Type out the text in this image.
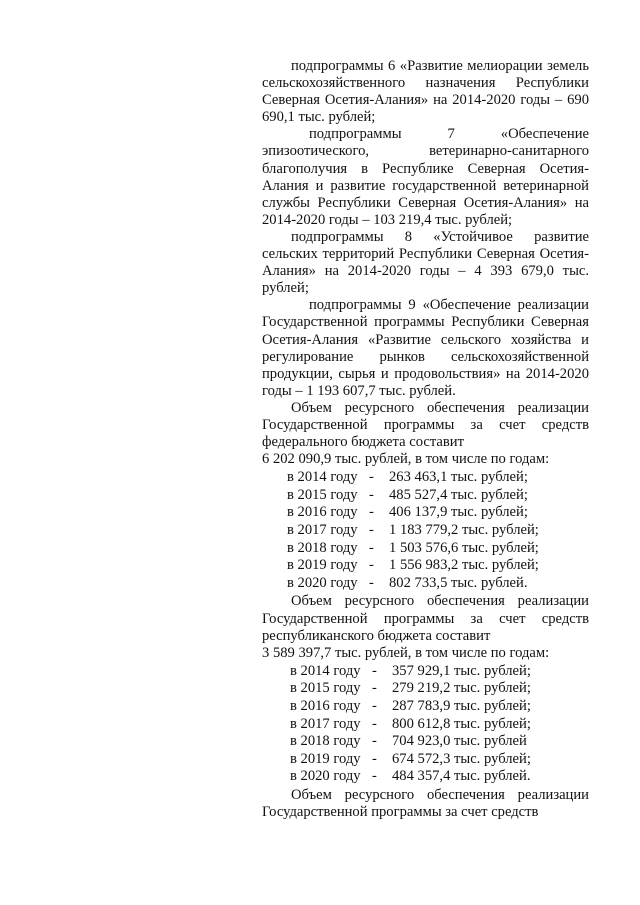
подпрограммы 6 «Развитие мелиорации земель сельскохозяйственного назначения Республики Северная Осетия-Алания» на 2014-2020 годы – 690 690,1 тыс. рублей;

подпрограммы 7 «Обеспечение эпизоотического, ветеринарно-санитарного благополучия в Республике Северная Осетия-Алания и развитие государственной ветеринарной службы Республики Северная Осетия-Алания» на 2014-2020 годы – 103 219,4 тыс. рублей;

подпрограммы 8 «Устойчивое развитие сельских территорий Республики Северная Осетия-Алания» на 2014-2020 годы – 4 393 679,0 тыс. рублей;

подпрограммы 9 «Обеспечение реализации Государственной программы Республики Северная Осетия-Алания «Развитие сельского хозяйства и регулирование рынков сельскохозяйственной продукции, сырья и продовольствия» на 2014-2020 годы – 1 193 607,7 тыс. рублей.

Объем ресурсного обеспечения реализации Государственной программы за счет средств федерального бюджета составит

6 202 090,9 тыс. рублей, в том числе по годам:

в 2014 году - 263 463,1 тыс. рублей;
в 2015 году - 485 527,4 тыс. рублей;
в 2016 году - 406 137,9 тыс. рублей;
в 2017 году - 1 183 779,2 тыс. рублей;
в 2018 году - 1 503 576,6 тыс. рублей;
в 2019 году - 1 556 983,2 тыс. рублей;
в 2020 году - 802 733,5 тыс. рублей.

Объем ресурсного обеспечения реализации Государственной программы за счет средств республиканского бюджета составит

3 589 397,7 тыс. рублей, в том числе по годам:

в 2014 году - 357 929,1 тыс. рублей;
в 2015 году - 279 219,2 тыс. рублей;
в 2016 году - 287 783,9 тыс. рублей;
в 2017 году - 800 612,8 тыс. рублей;
в 2018 году - 704 923,0 тыс. рублей
в 2019 году - 674 572,3 тыс. рублей;
в 2020 году - 484 357,4 тыс. рублей.

Объем ресурсного обеспечения реализации Государственной программы за счет средств
